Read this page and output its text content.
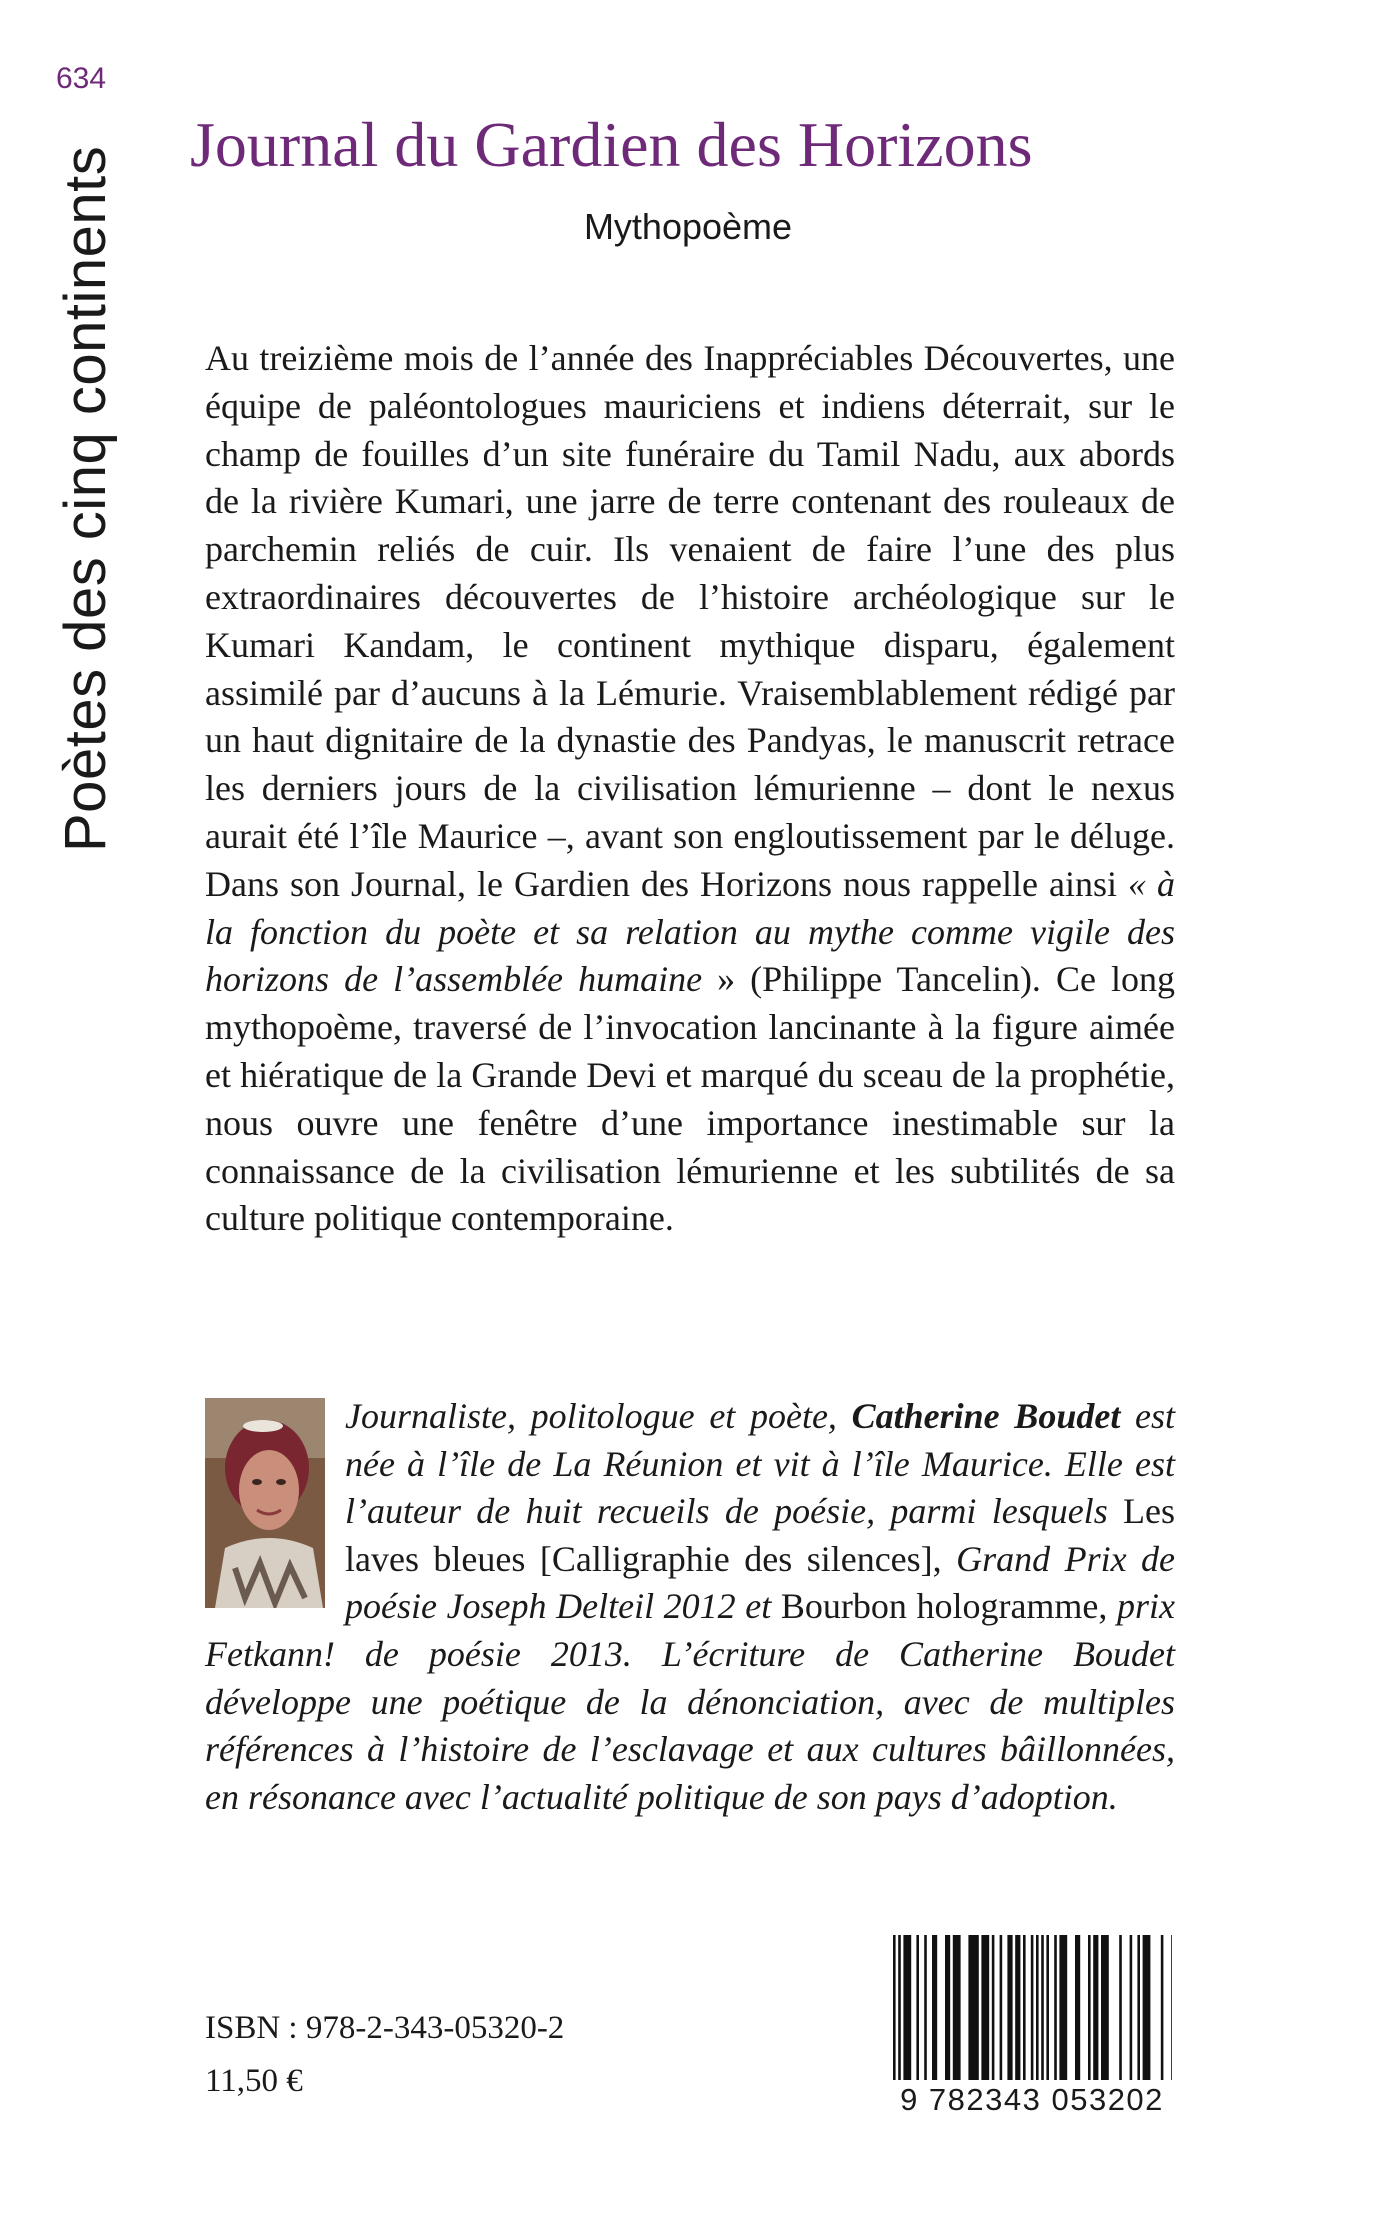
634
Poètes des cinq continents
Journal du Gardien des Horizons
Mythopoème

Au treizième mois de l’année des Inappréciables Découvertes, une équipe de paléontologues mauriciens et indiens déterrait, sur le champ de fouilles d’un site funéraire du Tamil Nadu, aux abords de la rivière Kumari, une jarre de terre contenant des rouleaux de parchemin reliés de cuir. Ils venaient de faire l’une des plus extraordinaires découvertes de l’histoire archéologique sur le Kumari Kandam, le continent mythique disparu, également assimilé par d’aucuns à la Lémurie. Vraisemblablement rédigé par un haut dignitaire de la dynastie des Pandyas, le manuscrit retrace les derniers jours de la civilisation lémurienne – dont le nexus aurait été l’île Maurice –, avant son engloutissement par le déluge. Dans son Journal, le Gardien des Horizons nous rappelle ainsi « à la fonction du poète et sa relation au mythe comme vigile des horizons de l’assemblée humaine » (Philippe Tancelin). Ce long mythopoème, traversé de l’invocation lancinante à la figure aimée et hiératique de la Grande Devi et marqué du sceau de la prophétie, nous ouvre une fenêtre d’une importance inestimable sur la connaissance de la civilisation lémurienne et les subtilités de sa culture politique contemporaine.

Journaliste, politologue et poète, Catherine Boudet est née à l’île de La Réunion et vit à l’île Maurice. Elle est l’auteur de huit recueils de poésie, parmi lesquels Les laves bleues [Calligraphie des silences], Grand Prix de poésie Joseph Delteil 2012 et Bourbon hologramme, prix Fetkann! de poésie 2013. L’écriture de Catherine Boudet développe une poétique de la dénonciation, avec de multiples références à l’histoire de l’esclavage et aux cultures bâillonnées, en résonance avec l’actualité politique de son pays d’adoption.
ISBN : 978-2-343-05320-2
11,50 €
9 782343 053202
